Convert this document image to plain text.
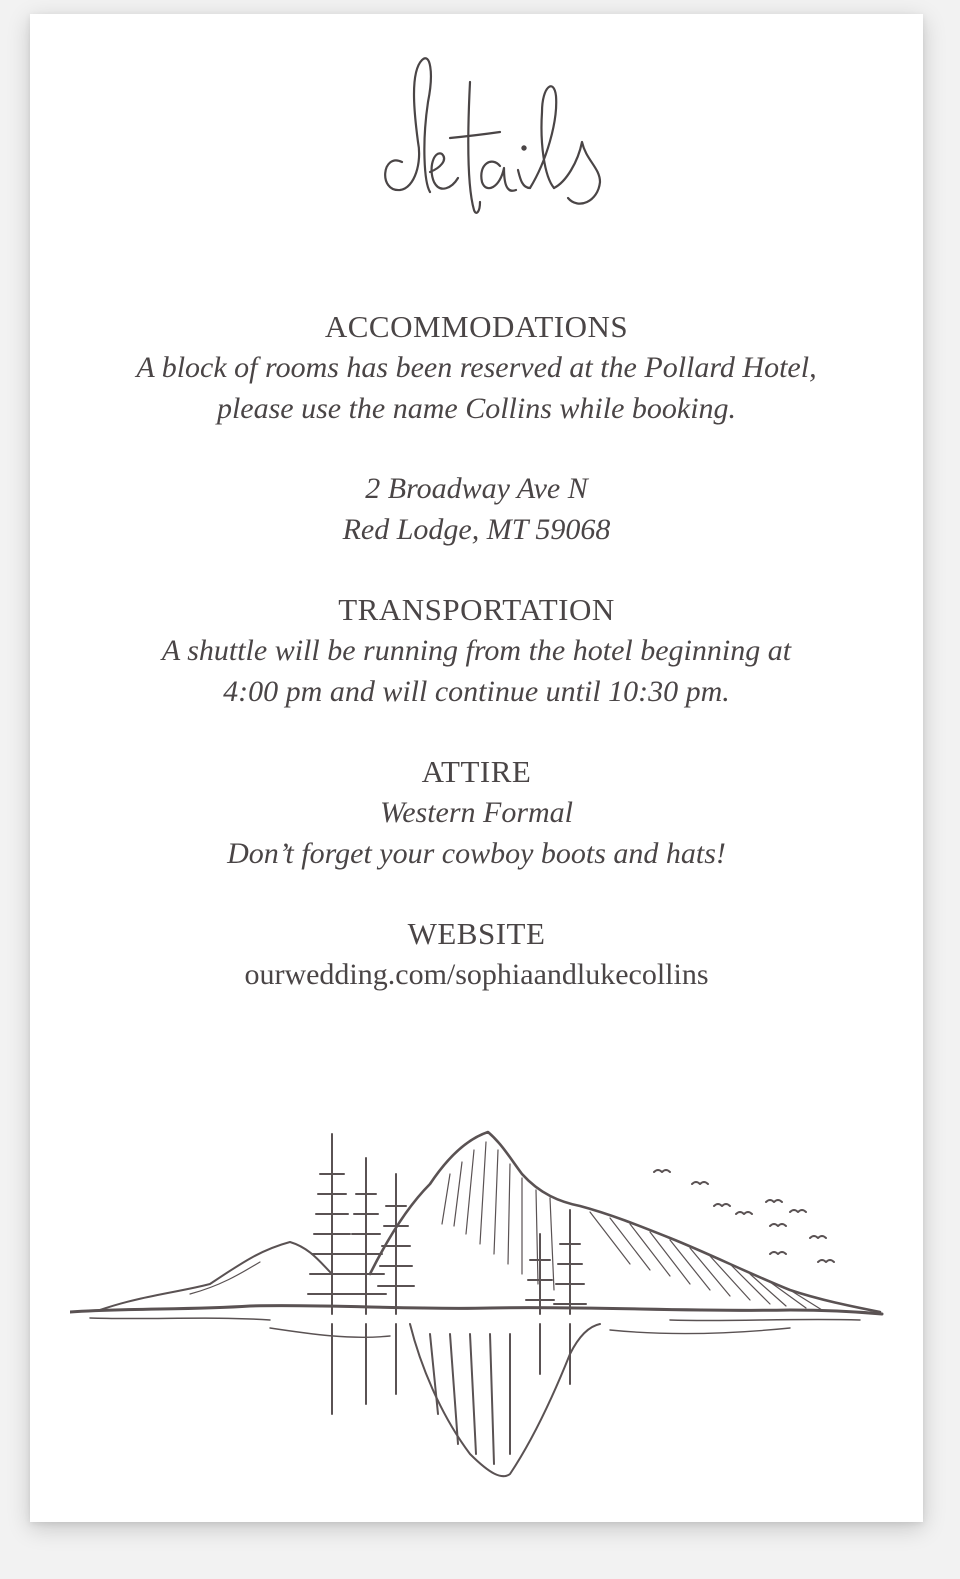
ACCOMMODATIONS
A block of rooms has been reserved at the Pollard Hotel,
please use the name Collins while booking.
2 Broadway Ave N
Red Lodge, MT 59068
TRANSPORTATION
A shuttle will be running from the hotel beginning at
4:00 pm and will continue until 10:30 pm.
ATTIRE
Western Formal
Don’t forget your cowboy boots and hats!
WEBSITE
ourwedding.com/sophiaandlukecollins
